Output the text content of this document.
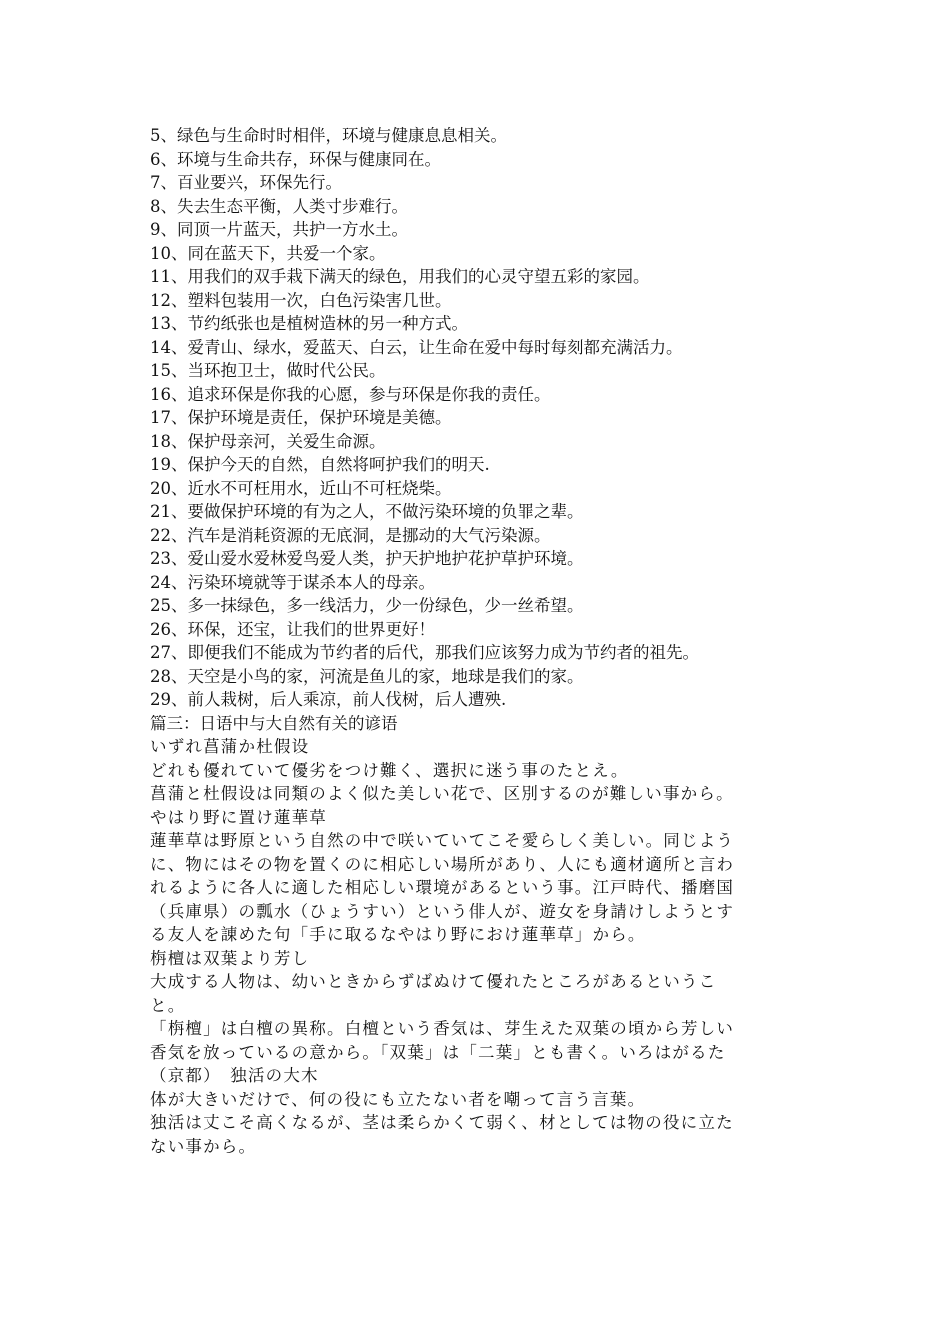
5、绿色与生命时时相伴，环境与健康息息相关。
6、环境与生命共存，环保与健康同在。
7、百业要兴，环保先行。
8、失去生态平衡，人类寸步难行。
9、同顶一片蓝天，共护一方水土。
10、同在蓝天下，共爱一个家。
11、用我们的双手栽下满天的绿色，用我们的心灵守望五彩的家园。
12、塑料包装用一次，白色污染害几世。
13、节约纸张也是植树造林的另一种方式。
14、爱青山、绿水，爱蓝天、白云，让生命在爱中每时每刻都充满活力。
15、当环抱卫士，做时代公民。
16、追求环保是你我的心愿，参与环保是你我的责任。
17、保护环境是责任，保护环境是美德。
18、保护母亲河，关爱生命源。
19、保护今天的自然，自然将呵护我们的明天.
20、近水不可枉用水，近山不可枉烧柴。
21、要做保护环境的有为之人，不做污染环境的负罪之辈。
22、汽车是消耗资源的无底洞，是挪动的大气污染源。
23、爱山爱水爱林爱鸟爱人类，护天护地护花护草护环境。
24、污染环境就等于谋杀本人的母亲。
25、多一抹绿色，多一线活力，少一份绿色，少一丝希望。
26、环保，还宝，让我们的世界更好！
27、即便我们不能成为节约者的后代，那我们应该努力成为节约者的祖先。
28、天空是小鸟的家，河流是鱼儿的家，地球是我们的家。
29、前人栽树，后人乘凉，前人伐树，后人遭殃.
篇三：日语中与大自然有关的谚语
いずれ菖蒲か杜假设
どれも優れていて優劣をつけ難く、選択に迷う事のたとえ。
菖蒲と杜假设は同類のよく似た美しい花で、区別するのが難しい事から。
やはり野に置け蓮華草
蓮華草は野原という自然の中で咲いていてこそ愛らしく美しい。同じよう
に、物にはその物を置くのに相応しい場所があり、人にも適材適所と言わ
れるように各人に適した相応しい環境があるという事。江戸時代、播磨国
（兵庫県）の瓢水（ひょうすい）という俳人が、遊女を身請けしようとす
る友人を諌めた句「手に取るなやはり野におけ蓮華草」から。
栴檀は双葉より芳し
大成する人物は、幼いときからずばぬけて優れたところがあるというこ
と。
「栴檀」は白檀の異称。白檀という香気は、芽生えた双葉の頃から芳しい
香気を放っているの意から。「双葉」は「二葉」とも書く。いろはがるた
（京都）　独活の大木
体が大きいだけで、何の役にも立たない者を嘲って言う言葉。
独活は丈こそ高くなるが、茎は柔らかくて弱く、材としては物の役に立た
ない事から。
